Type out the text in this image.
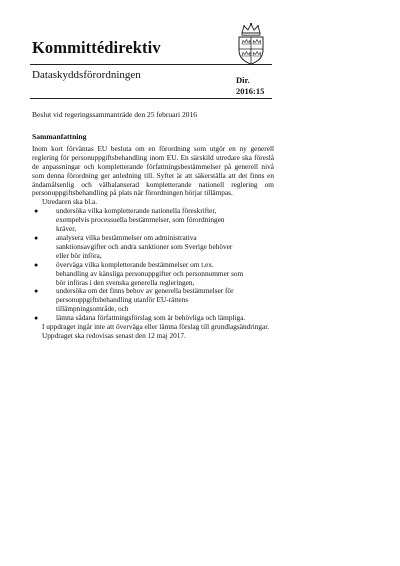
Kommittédirektiv
Dataskyddsförordningen	Dir.
2016:15
Beslut vid regeringssammanträde den 25 februari 2016
Sammanfattning

Inom kort förväntas EU besluta om en förordning som utgör en ny generell reglering för personuppgiftsbehandling inom EU. En särskild utredare ska föreslå de anpassningar och kompletterande författningsbestämmelser på generell nivå som denna förordning ger anledning till. Syftet är att säkerställa att det finns en ändamålsenlig och välbalanserad kompletterande nationell reglering om personuppgiftsbehandling på plats när förordningen börjar tillämpas.

Utredaren ska bl.a.

● undersöka vilka kompletterande nationella föreskrifter, exempelvis processuella bestämmelser, som förordningen kräver,
● analysera vilka bestämmelser om administrativa sanktionsavgifter och andra sanktioner som Sverige behöver eller bör införa,
● överväga vilka kompletterande bestämmelser om t.ex. behandling av känsliga personuppgifter och personnummer som bör införas i den svenska generella regleringen,
● undersöka om det finns behov av generella bestämmelser för personuppgiftsbehandling utanför EU-rättens tillämpningsområde, och
● lämna sådana författningsförslag som är behövliga och lämpliga.

I uppdraget ingår inte att överväga eller lämna förslag till grundlagsändringar.

Uppdraget ska redovisas senast den 12 maj 2017.
